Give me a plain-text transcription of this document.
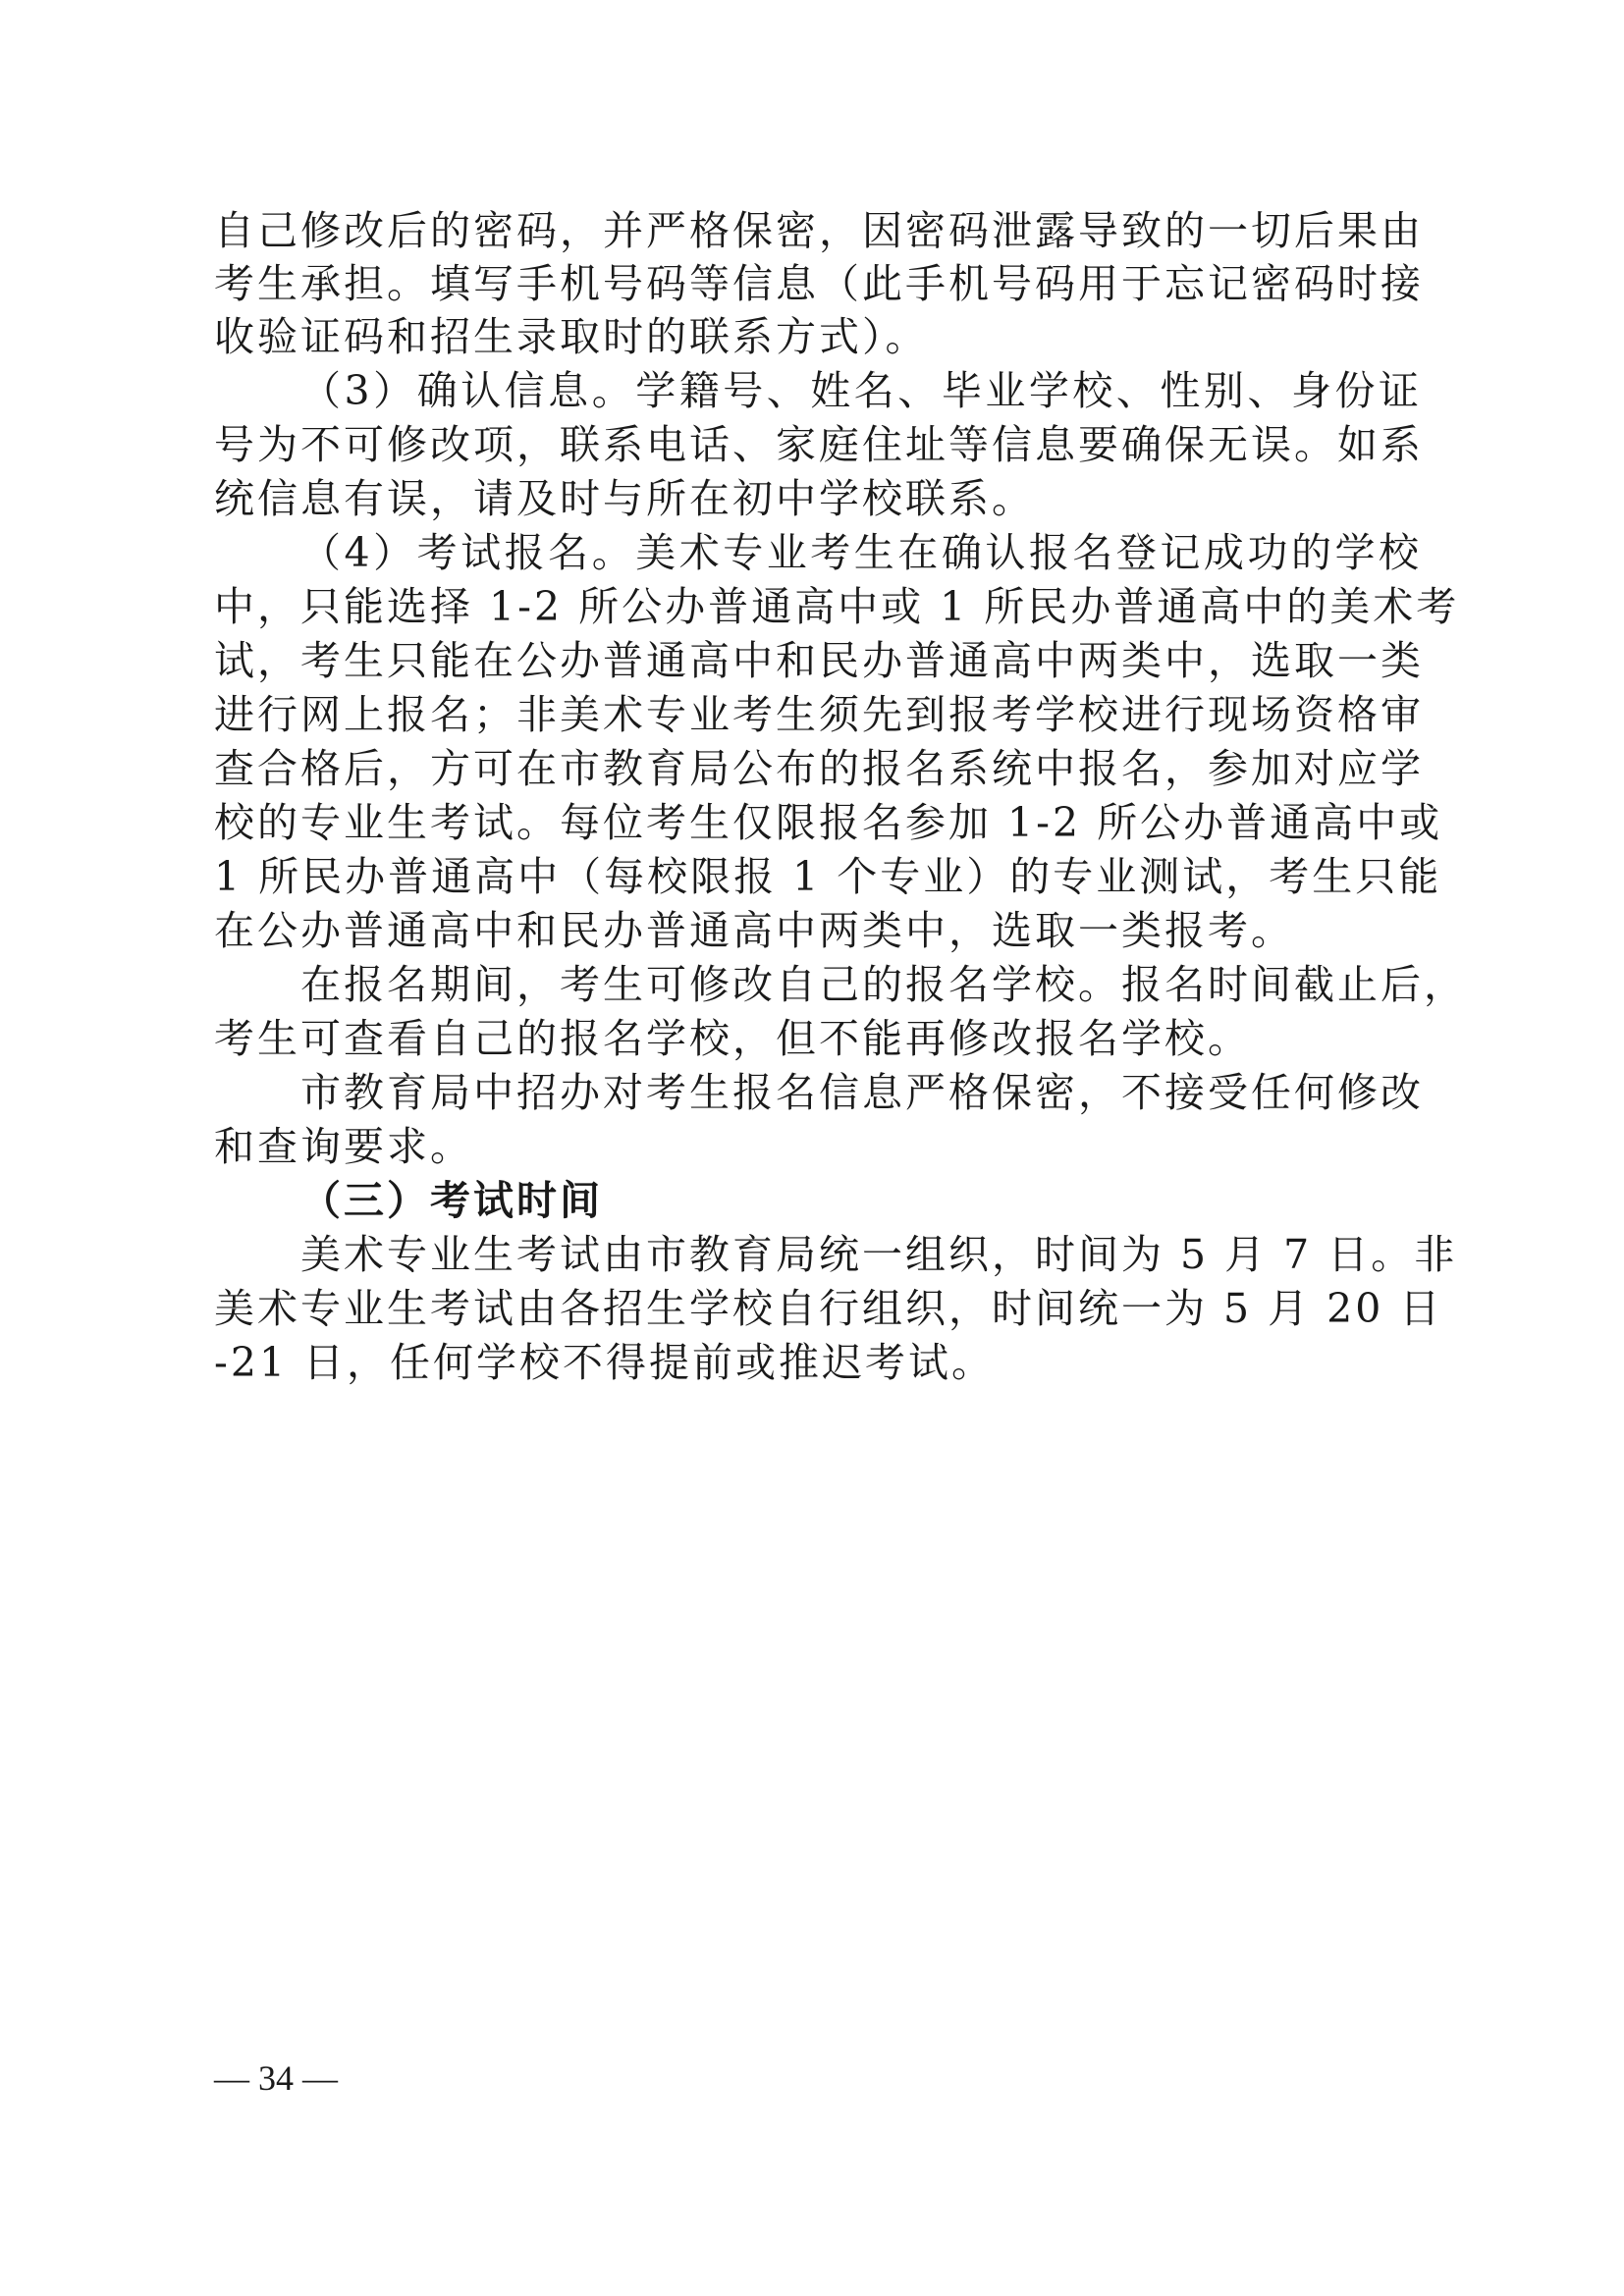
自己修改后的密码，并严格保密，因密码泄露导致的一切后果由
考生承担。填写手机号码等信息（此手机号码用于忘记密码时接
收验证码和招生录取时的联系方式）。
（3）确认信息。学籍号、姓名、毕业学校、性别、身份证
号为不可修改项，联系电话、家庭住址等信息要确保无误。如系
统信息有误，请及时与所在初中学校联系。
（4）考试报名。美术专业考生在确认报名登记成功的学校
中，只能选择 1-2 所公办普通高中或 1 所民办普通高中的美术考
试，考生只能在公办普通高中和民办普通高中两类中，选取一类
进行网上报名；非美术专业考生须先到报考学校进行现场资格审
查合格后，方可在市教育局公布的报名系统中报名，参加对应学
校的专业生考试。每位考生仅限报名参加 1-2 所公办普通高中或
1 所民办普通高中（每校限报 1 个专业）的专业测试，考生只能
在公办普通高中和民办普通高中两类中，选取一类报考。
在报名期间，考生可修改自己的报名学校。报名时间截止后，
考生可查看自己的报名学校，但不能再修改报名学校。
市教育局中招办对考生报名信息严格保密，不接受任何修改
和查询要求。
（三）考试时间
美术专业生考试由市教育局统一组织，时间为 5 月 7 日。非
美术专业生考试由各招生学校自行组织，时间统一为 5 月 20 日
-21 日，任何学校不得提前或推迟考试。
— 34 —
